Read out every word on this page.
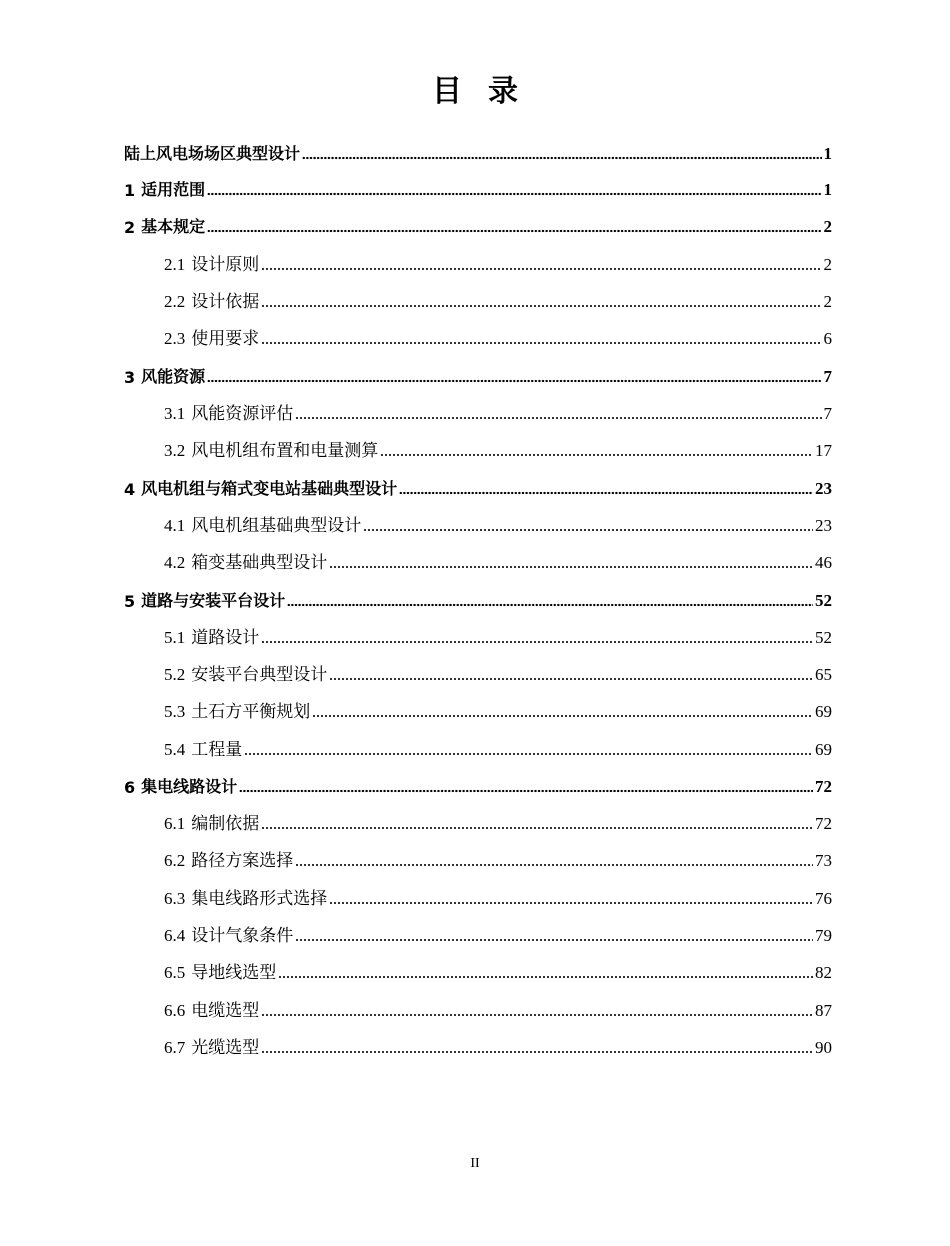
目录
陆上风电场场区典型设计	1
1 适用范围	1
2 基本规定	2
2.1 设计原则	2
2.2 设计依据	2
2.3 使用要求	6
3 风能资源	7
3.1 风能资源评估	7
3.2 风电机组布置和电量测算	17
4 风电机组与箱式变电站基础典型设计	23
4.1 风电机组基础典型设计	23
4.2 箱变基础典型设计	46
5 道路与安装平台设计	52
5.1 道路设计	52
5.2 安装平台典型设计	65
5.3 土石方平衡规划	69
5.4 工程量	69
6 集电线路设计	72
6.1 编制依据	72
6.2 路径方案选择	73
6.3 集电线路形式选择	76
6.4 设计气象条件	79
6.5 导地线选型	82
6.6 电缆选型	87
6.7 光缆选型	90
II
